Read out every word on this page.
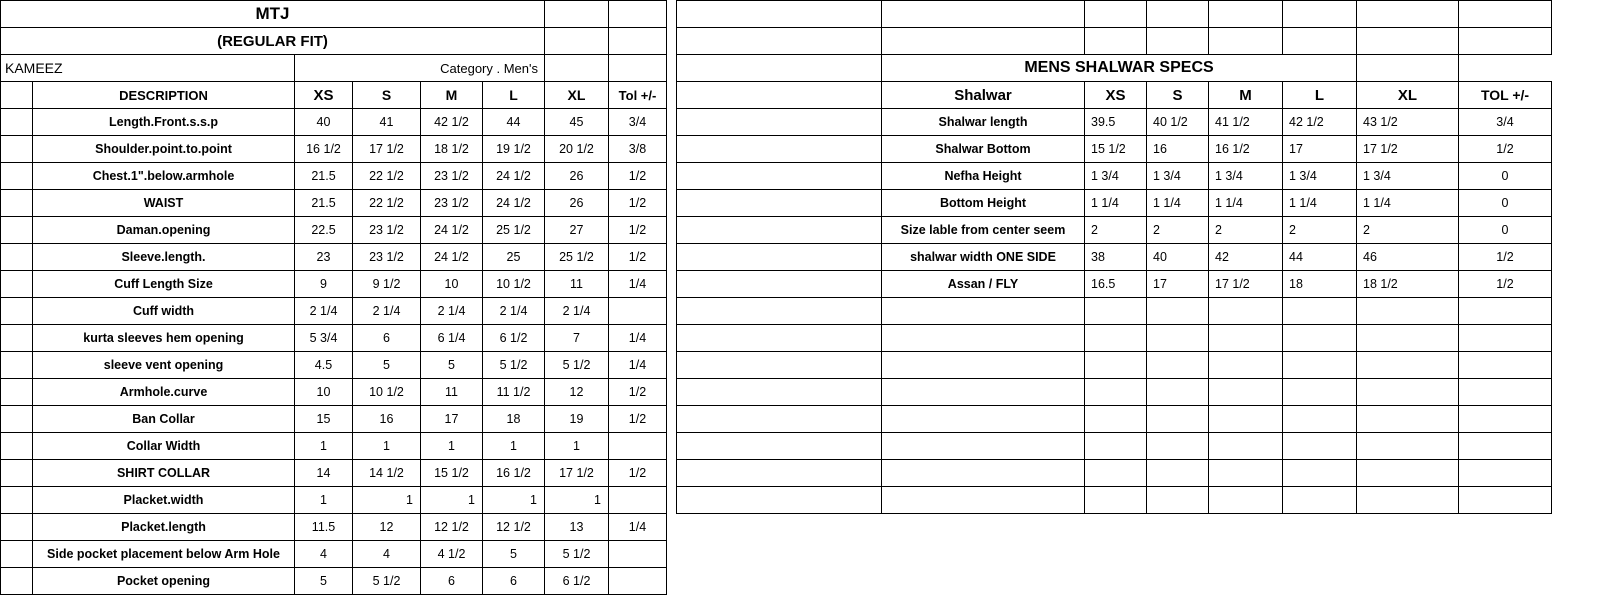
MTJ							
(REGULAR FIT)							
KAMEEZ		Category . Men's					
	DESCRIPTION	XS	S	M	L	XL	Tol +/-
	Length.Front.s.s.p	40	41	42 1/2	44	45	3/4
	Shoulder.point.to.point	16 1/2	17 1/2	18 1/2	19 1/2	20 1/2	3/8
	Chest.1".below.armhole	21.5	22 1/2	23 1/2	24 1/2	26	1/2
	WAIST	21.5	22 1/2	23 1/2	24 1/2	26	1/2
	Daman.opening	22.5	23 1/2	24 1/2	25 1/2	27	1/2
	Sleeve.length.	23	23 1/2	24 1/2	25	25 1/2	1/2
	Cuff Length Size	9	9 1/2	10	10 1/2	11	1/4
	Cuff width	2 1/4	2 1/4	2 1/4	2 1/4	2 1/4	
	kurta sleeves hem opening	5 3/4	6	6 1/4	6 1/2	7	1/4
	sleeve vent opening	4.5	5	5	5 1/2	5 1/2	1/4
	Armhole.curve	10	10 1/2	11	11 1/2	12	1/2
	Ban Collar	15	16	17	18	19	1/2
	Collar Width	1	1	1	1	1	
	SHIRT COLLAR	14	14 1/2	15 1/2	16 1/2	17 1/2	1/2
	Placket.width	1	1	1	1	1	
	Placket.length	11.5	12	12 1/2	12 1/2	13	1/4
	Side pocket placement below Arm Hole	4	4	4 1/2	5	5 1/2	
	Pocket opening	5	5 1/2	6	6	6 1/2	

	MENS SHALWAR SPECS						
	Shalwar	XS	S	M	L	XL	TOL +/-
	Shalwar length	39.5	40 1/2	41 1/2	42 1/2	43 1/2	3/4
	Shalwar Bottom	15 1/2	16	16 1/2	17	17 1/2	1/2
	Nefha Height	1 3/4	1 3/4	1 3/4	1 3/4	1 3/4	0
	Bottom Height	1 1/4	1 1/4	1 1/4	1 1/4	1 1/4	0
	Size lable from center seem	2	2	2	2	2	0
	shalwar width ONE SIDE	38	40	42	44	46	1/2
	Assan / FLY	16.5	17	17 1/2	18	18 1/2	1/2
